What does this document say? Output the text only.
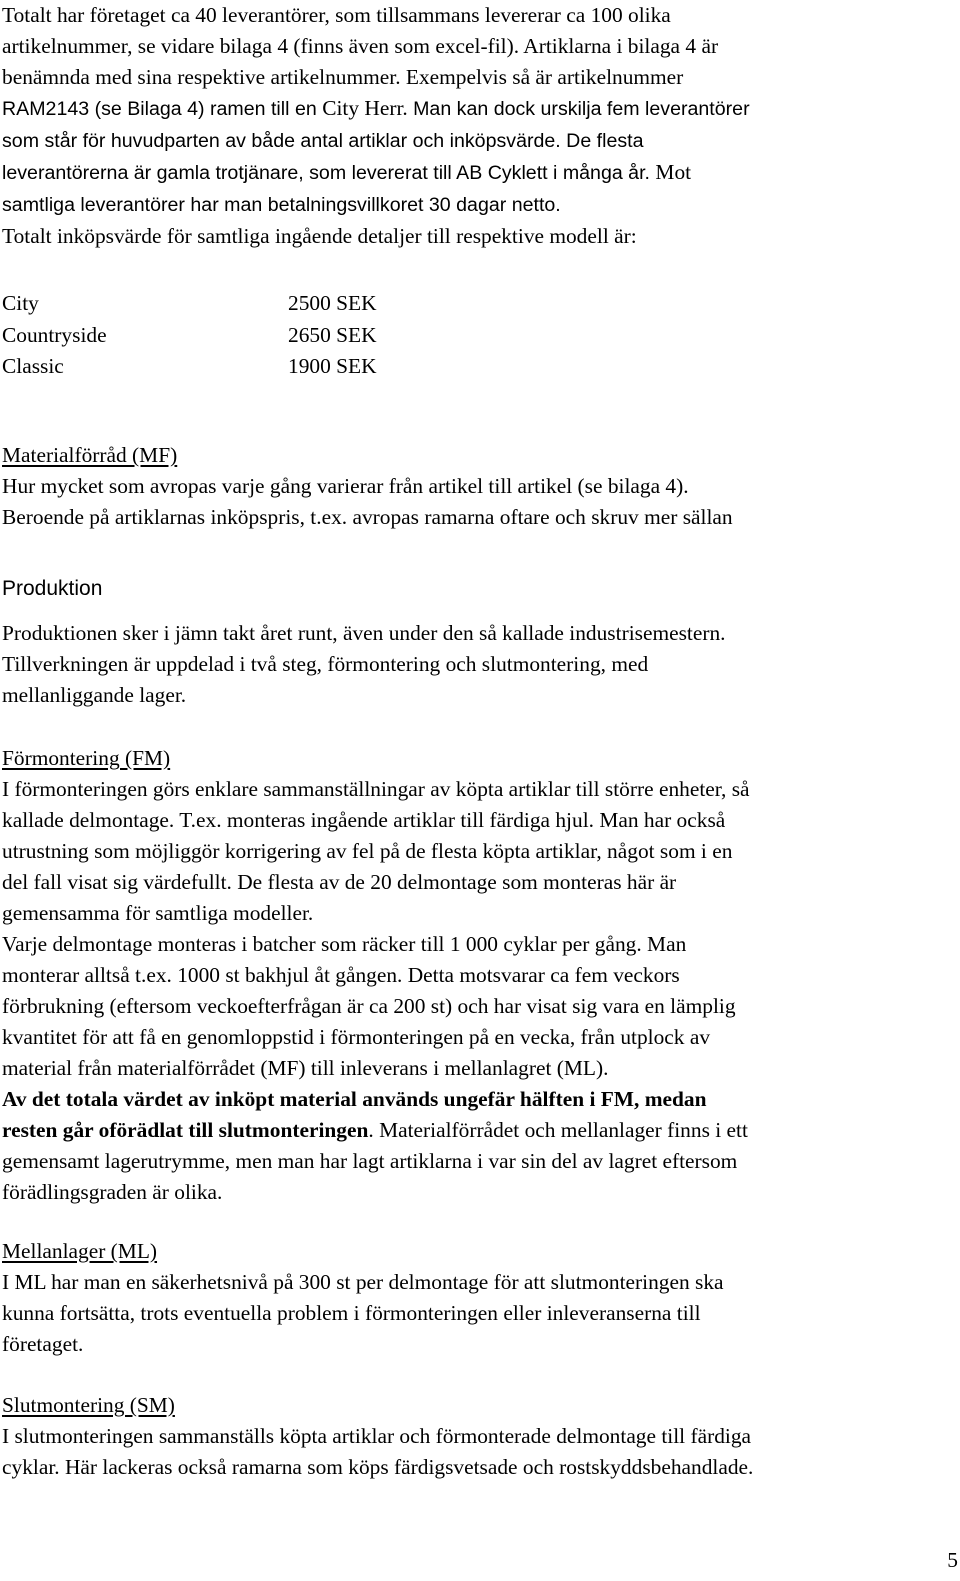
Totalt har företaget ca 40 leverantörer, som tillsammans levererar ca 100 olika
artikelnummer, se vidare bilaga 4 (finns även som excel-fil). Artiklarna i bilaga 4 är
benämnda med sina respektive artikelnummer. Exempelvis så är artikelnummer
RAM2143 (se Bilaga 4) ramen till en City Herr. Man kan dock urskilja fem leverantörer
som står för huvudparten av både antal artiklar och inköpsvärde. De flesta
leverantörerna är gamla trotjänare, som levererat till AB Cyklett i många år. Mot
samtliga leverantörer har man betalningsvillkoret 30 dagar netto.
Totalt inköpsvärde för samtliga ingående detaljer till respektive modell är:
City	2500 SEK
Countryside	2650 SEK
Classic	1900 SEK
Materialförråd (MF)
Hur mycket som avropas varje gång varierar från artikel till artikel (se bilaga 4).
Beroende på artiklarnas inköpspris, t.ex. avropas ramarna oftare och skruv mer sällan
Produktion
Produktionen sker i jämn takt året runt, även under den så kallade industrisemestern.
Tillverkningen är uppdelad i två steg, förmontering och slutmontering, med
mellanliggande lager.
Förmontering (FM)
I förmonteringen görs enklare sammanställningar av köpta artiklar till större enheter, så
kallade delmontage. T.ex. monteras ingående artiklar till färdiga hjul. Man har också
utrustning som möjliggör korrigering av fel på de flesta köpta artiklar, något som i en
del fall visat sig värdefullt. De flesta av de 20 delmontage som monteras här är
gemensamma för samtliga modeller.
Varje delmontage monteras i batcher som räcker till 1 000 cyklar per gång. Man
monterar alltså t.ex. 1000 st bakhjul åt gången. Detta motsvarar ca fem veckors
förbrukning (eftersom veckoefterfrågan är ca 200 st) och har visat sig vara en lämplig
kvantitet för att få en genomloppstid i förmonteringen på en vecka, från utplock av
material från materialförrådet (MF) till inleverans i mellanlagret (ML).
Av det totala värdet av inköpt material används ungefär hälften i FM, medan
resten går oförädlat till slutmonteringen. Materialförrådet och mellanlager finns i ett
gemensamt lagerutrymme, men man har lagt artiklarna i var sin del av lagret eftersom
förädlingsgraden är olika.
Mellanlager (ML)
I ML har man en säkerhetsnivå på 300 st per delmontage för att slutmonteringen ska
kunna fortsätta, trots eventuella problem i förmonteringen eller inleveranserna till
företaget.
Slutmontering (SM)
I slutmonteringen sammanställs köpta artiklar och förmonterade delmontage till färdiga
cyklar. Här lackeras också ramarna som köps färdigsvetsade och rostskyddsbehandlade.
5
